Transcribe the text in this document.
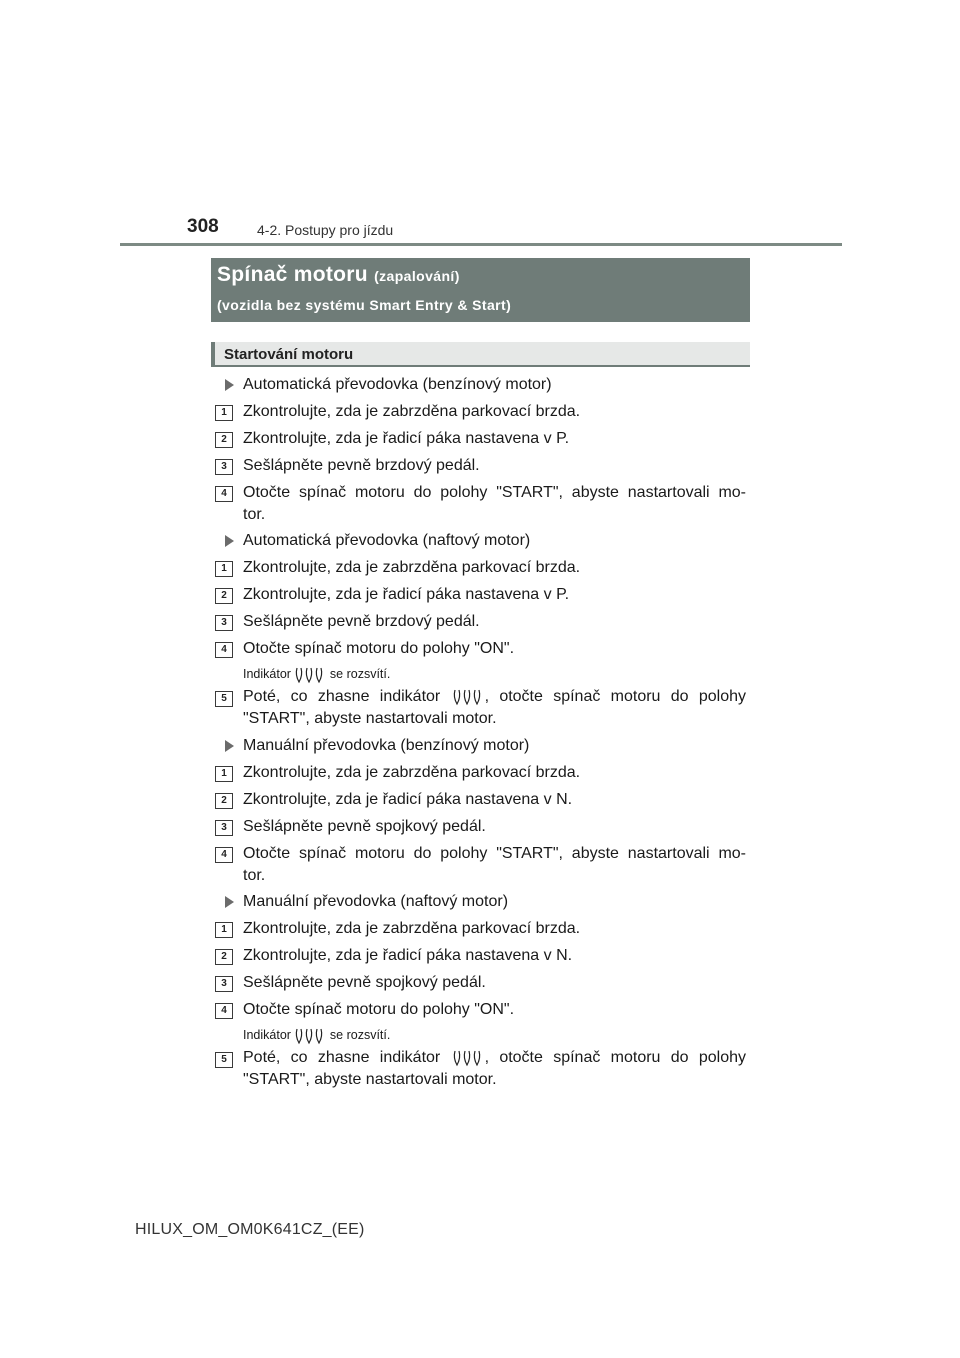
308	4-2. Postupy pro jízdu
Spínač motoru (zapalování)
(vozidla bez systému Smart Entry & Start)
Startování motoru
Automatická převodovka (benzínový motor)
1	Zkontrolujte, zda je zabrzděna parkovací brzda.
2	Zkontrolujte, zda je řadicí páka nastavena v P.
3	Sešlápněte pevně brzdový pedál.
4	Otočte spínač motoru do polohy "START", abyste nastartovali mo-
tor.
Automatická převodovka (naftový motor)
1	Zkontrolujte, zda je zabrzděna parkovací brzda.
2	Zkontrolujte, zda je řadicí páka nastavena v P.
3	Sešlápněte pevně brzdový pedál.
4	Otočte spínač motoru do polohy "ON".
Indikátor	se rozsvítí.
5	Poté, co zhasne indikátor	, otočte spínač motoru do polohy
"START", abyste nastartovali motor.
Manuální převodovka (benzínový motor)
1	Zkontrolujte, zda je zabrzděna parkovací brzda.
2	Zkontrolujte, zda je řadicí páka nastavena v N.
3	Sešlápněte pevně spojkový pedál.
4	Otočte spínač motoru do polohy "START", abyste nastartovali mo-
tor.
Manuální převodovka (naftový motor)
1	Zkontrolujte, zda je zabrzděna parkovací brzda.
2	Zkontrolujte, zda je řadicí páka nastavena v N.
3	Sešlápněte pevně spojkový pedál.
4	Otočte spínač motoru do polohy "ON".
Indikátor	se rozsvítí.
5	Poté, co zhasne indikátor	, otočte spínač motoru do polohy
"START", abyste nastartovali motor.
HILUX_OM_OM0K641CZ_(EE)
